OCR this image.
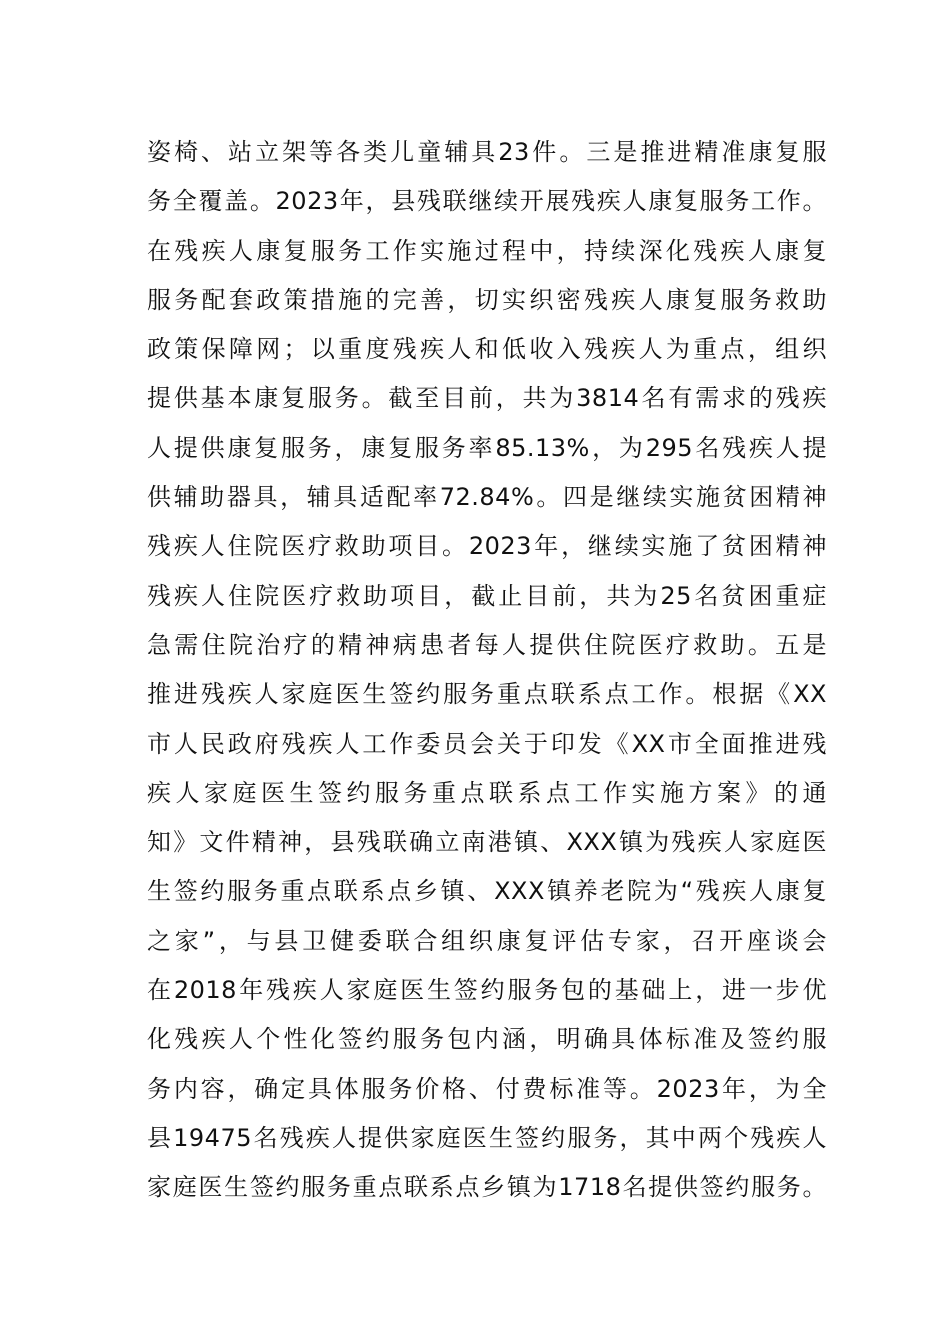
姿椅、站立架等各类儿童辅具23件。三是推进精准康复服
务全覆盖。2023年，县残联继续开展残疾人康复服务工作。
在残疾人康复服务工作实施过程中，持续深化残疾人康复
服务配套政策措施的完善，切实织密残疾人康复服务救助
政策保障网；以重度残疾人和低收入残疾人为重点，组织
提供基本康复服务。截至目前，共为3814名有需求的残疾
人提供康复服务，康复服务率85.13%，为295名残疾人提
供辅助器具，辅具适配率72.84%。四是继续实施贫困精神
残疾人住院医疗救助项目。2023年，继续实施了贫困精神
残疾人住院医疗救助项目，截止目前，共为25名贫困重症
急需住院治疗的精神病患者每人提供住院医疗救助。五是
推进残疾人家庭医生签约服务重点联系点工作。根据《XX
市人民政府残疾人工作委员会关于印发《XX市全面推进残
疾人家庭医生签约服务重点联系点工作实施方案》的通
知》文件精神，县残联确立南港镇、XXX镇为残疾人家庭医
生签约服务重点联系点乡镇、XXX镇养老院为“残疾人康复
之家”，与县卫健委联合组织康复评估专家，召开座谈会
在2018年残疾人家庭医生签约服务包的基础上，进一步优
化残疾人个性化签约服务包内涵，明确具体标准及签约服
务内容，确定具体服务价格、付费标准等。2023年，为全
县19475名残疾人提供家庭医生签约服务，其中两个残疾人
家庭医生签约服务重点联系点乡镇为1718名提供签约服务。
